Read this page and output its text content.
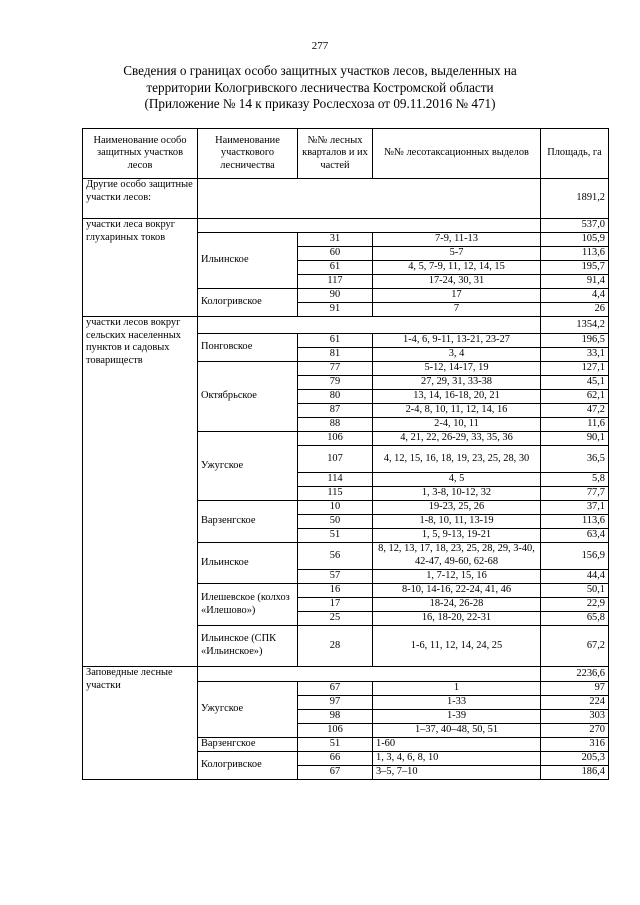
277
Сведения о границах особо защитных участков лесов, выделенных на
территории Кологривского лесничества Костромской области
(Приложение № 14 к приказу Рослесхоза от 09.11.2016 № 471)
Наименование особо защитных участков лесов	Наименование участкового лесничества	№№ лесных кварталов и их частей	№№ лесотаксационных выделов	Площадь, га
Другие особо защитные участки лесов:				1891,2
участки леса вокруг глухариных токов				537,0
	Ильинское	31	7-9, 11-13	105,9
		60	5-7	113,6
		61	4, 5, 7-9, 11, 12, 14, 15	195,7
		117	17-24, 30, 31	91,4
	Кологривское	90	17	4,4
		91	7	26
участки лесов вокруг сельских населенных пунктов и садовых товариществ				1354,2
	Понговское	61	1-4, 6, 9-11, 13-21, 23-27	196,5
		81	3, 4	33,1
	Октябрьское	77	5-12, 14-17, 19	127,1
		79	27, 29, 31, 33-38	45,1
		80	13, 14, 16-18, 20, 21	62,1
		87	2-4, 8, 10, 11, 12, 14, 16	47,2
		88	2-4, 10, 11	11,6
	Ужугское	106	4, 21, 22, 26-29, 33, 35, 36	90,1
		107	4, 12, 15, 16, 18, 19, 23, 25, 28, 30	36,5
		114	4, 5	5,8
		115	1, 3-8, 10-12, 32	77,7
	Варзенгское	10	19-23, 25, 26	37,1
		50	1-8, 10, 11, 13-19	113,6
		51	1, 5, 9-13, 19-21	63,4
	Ильинское	56	8, 12, 13, 17, 18, 23, 25, 28, 29, 3-40, 42-47, 49-60, 62-68	156,9
		57	1, 7-12, 15, 16	44,4
	Илешевское (колхоз «Илешово»)	16	8-10, 14-16, 22-24, 41, 46	50,1
		17	18-24, 26-28	22,9
		25	16, 18-20, 22-31	65,8
	Ильинское (СПК «Ильинское»)	28	1-6, 11, 12, 14, 24, 25	67,2
Заповедные лесные участки				2236,6
	Ужугское	67	1	97
		97	1-33	224
		98	1-39	303
		106	1–37, 40–48, 50, 51	270
	Варзенгское	51	1-60	316
	Кологривское	66	1, 3, 4, 6, 8, 10	205,3
		67	3–5, 7–10	186,4
